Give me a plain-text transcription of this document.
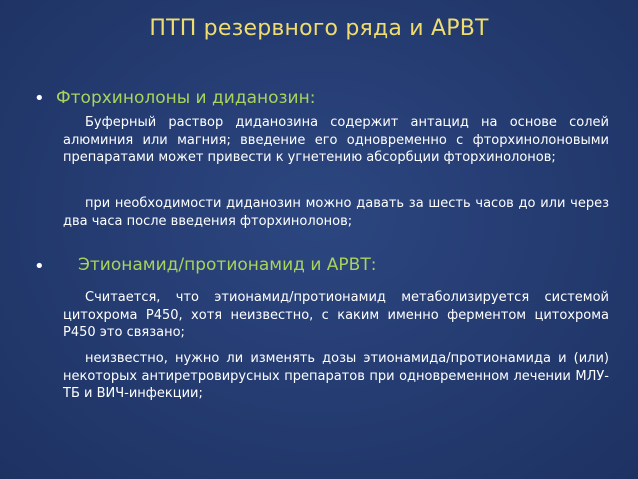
ПТП резервного ряда и АРВТ
• Фторхинолоны и диданозин:

Буферный раствор диданозина содержит антацид на основе солей алюминия или магния; введение его одновременно с фторхинолоновыми препаратами может привести к угнетению абсорбции фторхинолонов;

при необходимости диданозин можно давать за шесть часов до или через два часа после введения фторхинолонов;

• Этионамид/протионамид и АРВТ:

Считается, что этионамид/протионамид метаболизируется системой цитохрома Р450, хотя неизвестно, с каким именно ферментом цитохрома Р450 это связано;

неизвестно, нужно ли изменять дозы этионамида/протионамида и (или) некоторых антиретровирусных препаратов при одновременном лечении МЛУ-ТБ и ВИЧ-инфекции;
